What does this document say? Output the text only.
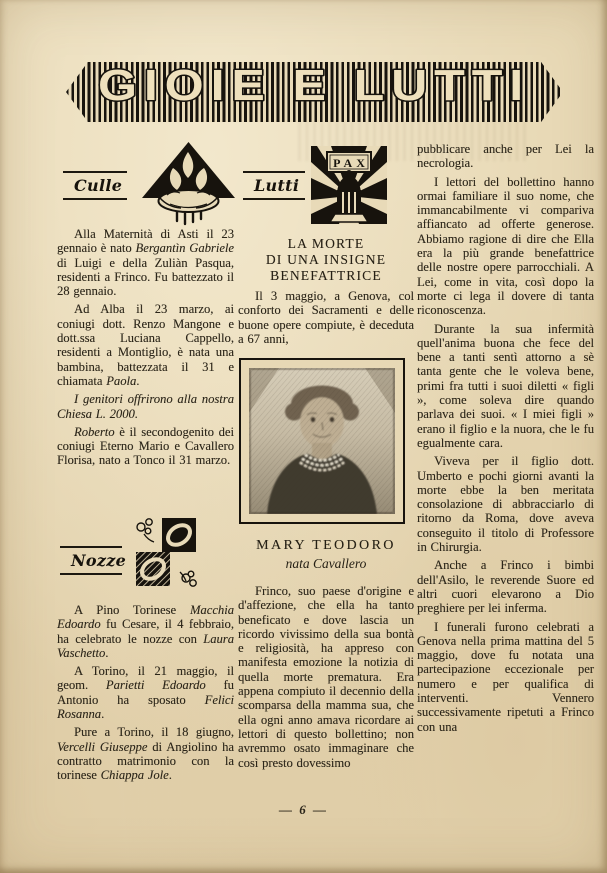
GIOIE E LUTTI
Culle	Lutti
PAX
Nozze

Alla Maternità di Asti il 23 gennaio è nato Bergantìn Gabriele di Luigi e della Zuliàn Pasqua, residenti a Frinco. Fu battezzato il 28 gennaio.

Ad Alba il 23 marzo, ai coniugi dott. Renzo Mangone e dott.ssa Luciana Cappello, residenti a Montiglio, è nata una bambina, battezzata il 31 e chiamata Paola.

I genitori offrirono alla nostra Chiesa L. 2000.

Roberto è il secondogenito dei coniugi Eterno Mario e Cavallero Florisa, nato a Tonco il 31 marzo.

A Pino Torinese Macchia Edoardo fu Cesare, il 4 febbraio, ha celebrato le nozze con Laura Vaschetto.

A Torino, il 21 maggio, il geom. Parietti Edoardo fu Antonio ha sposato Felici Rosanna.

Pure a Torino, il 18 giugno, Vercelli Giuseppe di Angiolino ha contratto matrimonio con la torinese Chiappa Jole.

LA MORTE
DI UNA INSIGNE
BENEFATTRICE

Il 3 maggio, a Genova, col conforto dei Sacramenti e delle buone opere compiute, è deceduta a 67 anni,

MARY TEODORO
nata Cavallero

Frinco, suo paese d'origine e d'affezione, che ella ha tanto beneficato e dove lascia un ricordo vivissimo della sua bontà e religiosità, ha appreso con manifesta emozione la notizia di quella morte prematura. Era appena compiuto il decennio della scomparsa della mamma sua, che ella ogni anno amava ricordare ai lettori di questo bollettino; non avremmo osato immaginare che così presto dovessimo

pubblicare anche per Lei la necrologia.

I lettori del bollettino hanno ormai familiare il suo nome, che immancabilmente vi compariva affiancato ad offerte generose. Abbiamo ragione di dire che Ella era la più grande benefattrice delle nostre opere parrocchiali. A Lei, come in vita, così dopo la morte ci lega il dovere di tanta riconoscenza.

Durante la sua infermità quell'anima buona che fece del bene a tanti sentì attorno a sè tanta gente che le voleva bene, primi fra tutti i suoi diletti « figli », come soleva dire quando parlava dei suoi. « I miei figli » erano il figlio e la nuora, che le fu egualmente cara.

Viveva per il figlio dott. Umberto e pochi giorni avanti la morte ebbe la ben meritata consolazione di abbracciarlo di ritorno da Roma, dove aveva conseguito il titolo di Professore in Chirurgia.

Anche a Frinco i bimbi dell'Asilo, le reverende Suore ed altri cuori elevarono a Dio preghiere per lei inferma.

I funerali furono celebrati a Genova nella prima mattina del 5 maggio, dove fu notata una partecipazione eccezionale per numero e per qualifica di interventi. Vennero successivamente ripetuti a Frinco con una

— 6 —
